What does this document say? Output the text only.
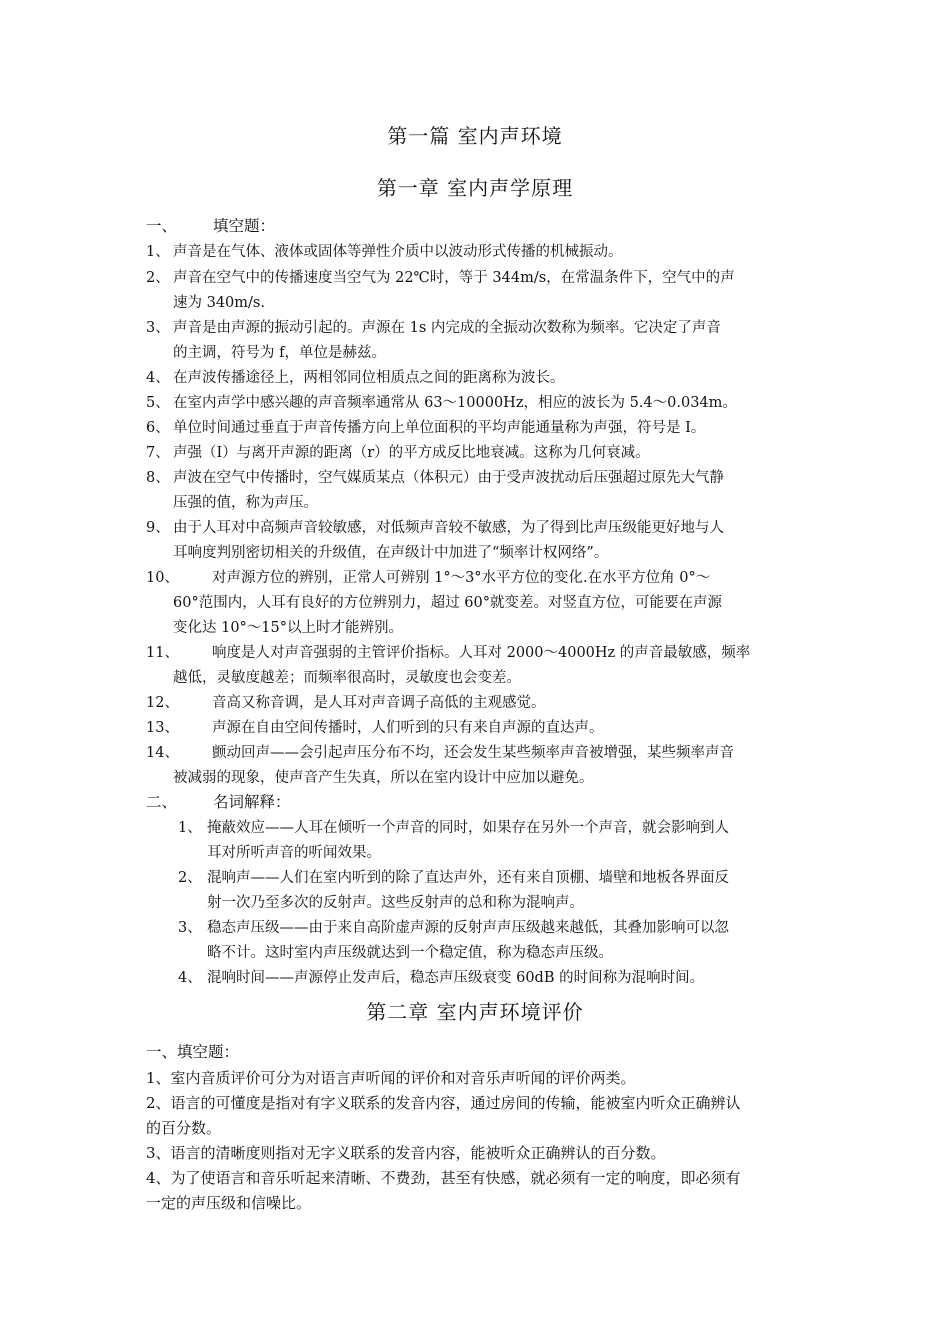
第一篇 室内声环境
第一章 室内声学原理
一、 填空题：
1、 声音是在气体、液体或固体等弹性介质中以波动形式传播的机械振动。
2、 声音在空气中的传播速度当空气为 22℃时，等于 344m/s，在常温条件下，空气中的声
速为 340m/s.
3、 声音是由声源的振动引起的。声源在 1s 内完成的全振动次数称为频率。它决定了声音
的主调，符号为 f，单位是赫兹。
4、 在声波传播途径上，两相邻同位相质点之间的距离称为波长。
5、 在室内声学中感兴趣的声音频率通常从 63～10000Hz，相应的波长为 5.4～0.034m。
6、 单位时间通过垂直于声音传播方向上单位面积的平均声能通量称为声强，符号是 I。
7、 声强（I）与离开声源的距离（r）的平方成反比地衰减。这称为几何衰减。
8、 声波在空气中传播时，空气媒质某点（体积元）由于受声波扰动后压强超过原先大气静
压强的值，称为声压。
9、 由于人耳对中高频声音较敏感，对低频声音较不敏感，为了得到比声压级能更好地与人
耳响度判别密切相关的升级值，在声级计中加进了“频率计权网络”。
10、 对声源方位的辨别，正常人可辨别 1°～3°水平方位的变化.在水平方位角 0°～
60°范围内，人耳有良好的方位辨别力，超过 60°就变差。对竖直方位，可能要在声源
变化达 10°～15°以上时才能辨别。
11、 响度是人对声音强弱的主管评价指标。人耳对 2000～4000Hz 的声音最敏感，频率
越低，灵敏度越差；而频率很高时，灵敏度也会变差。
12、 音高又称音调，是人耳对声音调子高低的主观感觉。
13、 声源在自由空间传播时，人们听到的只有来自声源的直达声。
14、 颤动回声——会引起声压分布不均，还会发生某些频率声音被增强，某些频率声音
被减弱的现象，使声音产生失真，所以在室内设计中应加以避免。
二、 名词解释：
1、 掩蔽效应——人耳在倾听一个声音的同时，如果存在另外一个声音，就会影响到人
耳对所听声音的听闻效果。
2、 混响声——人们在室内听到的除了直达声外，还有来自顶棚、墙壁和地板各界面反
射一次乃至多次的反射声。这些反射声的总和称为混响声。
3、 稳态声压级——由于来自高阶虚声源的反射声声压级越来越低，其叠加影响可以忽
略不计。这时室内声压级就达到一个稳定值，称为稳态声压级。
4、 混响时间——声源停止发声后，稳态声压级衰变 60dB 的时间称为混响时间。
第二章 室内声环境评价
一、填空题：
1、室内音质评价可分为对语言声听闻的评价和对音乐声听闻的评价两类。
2、语言的可懂度是指对有字义联系的发音内容，通过房间的传输，能被室内听众正确辨认
的百分数。
3、语言的清晰度则指对无字义联系的发音内容，能被听众正确辨认的百分数。
4、为了使语言和音乐听起来清晰、不费劲，甚至有快感，就必须有一定的响度，即必须有
一定的声压级和信噪比。
